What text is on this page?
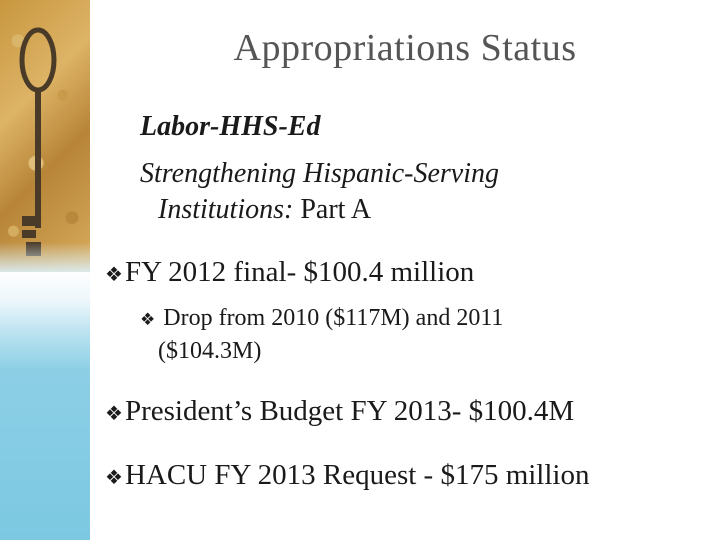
Appropriations Status
Labor-HHS-Ed
Strengthening Hispanic-Serving
Institutions: Part A
❖ FY 2012 final- $100.4 million
❖ Drop from 2010 ($117M) and 2011
($104.3M)
❖ President’s Budget FY 2013- $100.4M
❖ HACU FY 2013 Request - $175 million
